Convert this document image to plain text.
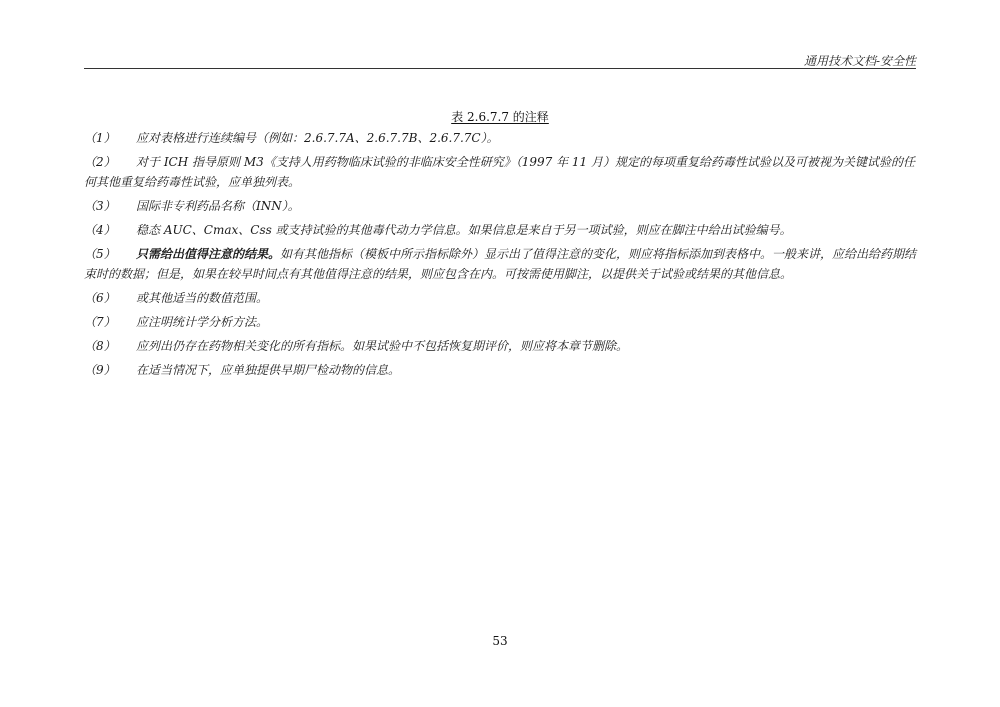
通用技术文档-安全性
表 2.6.7.7 的注释
（1） 应对表格进行连续编号（例如：2.6.7.7A、2.6.7.7B、2.6.7.7C）。
（2） 对于 ICH 指导原则 M3《支持人用药物临床试验的非临床安全性研究》（1997 年 11 月）规定的每项重复给药毒性试验以及可被视为关键试验的任何其他重复给药毒性试验，应单独列表。
（3） 国际非专利药品名称（INN）。
（4） 稳态 AUC、Cmax、Css 或支持试验的其他毒代动力学信息。如果信息是来自于另一项试验，则应在脚注中给出试验编号。
（5） 只需给出值得注意的结果。如有其他指标（模板中所示指标除外）显示出了值得注意的变化，则应将指标添加到表格中。一般来讲，应给出给药期结束时的数据；但是，如果在较早时间点有其他值得注意的结果，则应包含在内。可按需使用脚注，以提供关于试验或结果的其他信息。
（6） 或其他适当的数值范围。
（7） 应注明统计学分析方法。
（8） 应列出仍存在药物相关变化的所有指标。如果试验中不包括恢复期评价，则应将本章节删除。
（9） 在适当情况下，应单独提供早期尸检动物的信息。
53
